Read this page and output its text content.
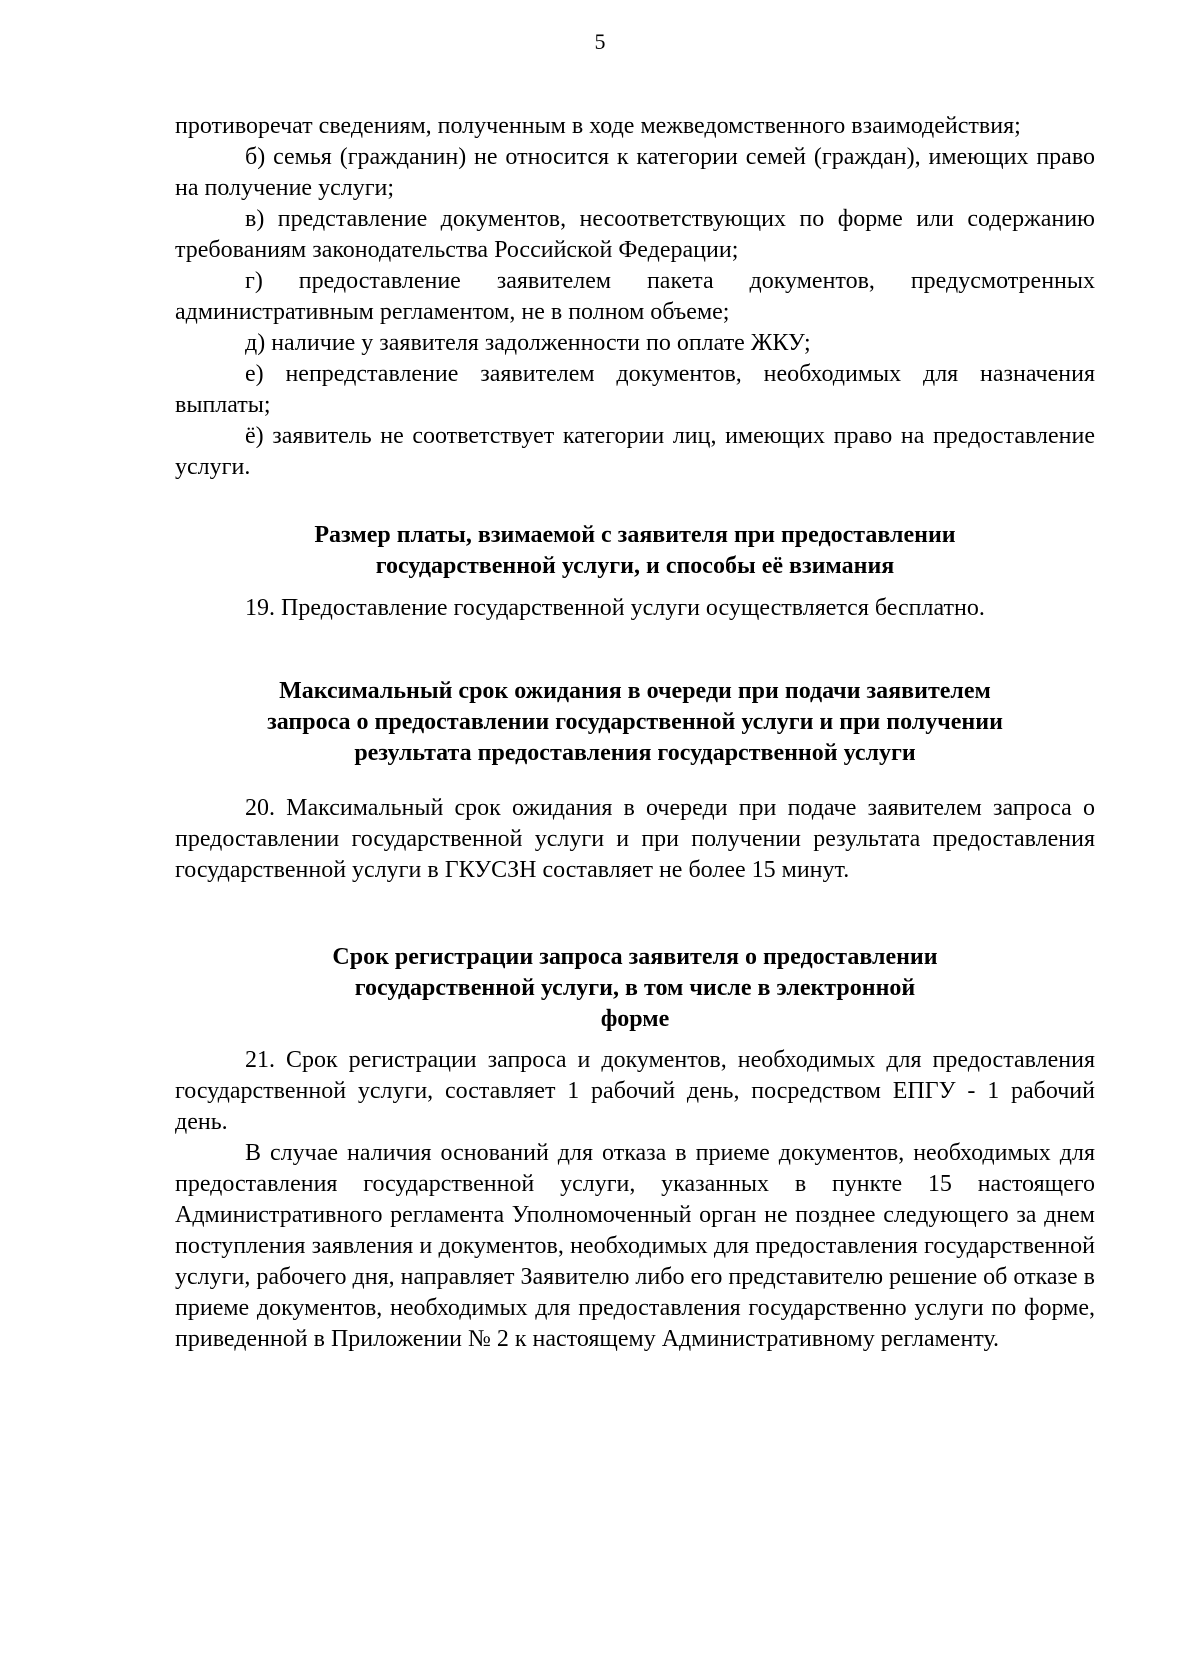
5

противоречат сведениям, полученным в ходе межведомственного взаимодействия;

б) семья (гражданин) не относится к категории семей (граждан), имеющих право на получение услуги;

в) представление документов, несоответствующих по форме или содержанию требованиям законодательства Российской Федерации;

г) предоставление заявителем пакета документов, предусмотренных административным регламентом, не в полном объеме;

д) наличие у заявителя задолженности по оплате ЖКУ;

е) непредставление заявителем документов, необходимых для назначения выплаты;

ё) заявитель не соответствует категории лиц, имеющих право на предоставление услуги.

Размер платы, взимаемой с заявителя при предоставлении
государственной услуги, и способы её взимания

19. Предоставление государственной услуги осуществляется бесплатно.

Максимальный срок ожидания в очереди при подачи заявителем
запроса о предоставлении государственной услуги и при получении
результата предоставления государственной услуги

20. Максимальный срок ожидания в очереди при подаче заявителем запроса о предоставлении государственной услуги и при получении результата предоставления государственной услуги в ГКУСЗН составляет не более 15 минут.

Срок регистрации запроса заявителя о предоставлении
государственной услуги, в том числе в электронной
форме

21. Срок регистрации запроса и документов, необходимых для предоставления государственной услуги, составляет 1 рабочий день, посредством ЕПГУ - 1 рабочий день.

В случае наличия оснований для отказа в приеме документов, необходимых для предоставления государственной услуги, указанных в пункте 15 настоящего Административного регламента Уполномоченный орган не позднее следующего за днем поступления заявления и документов, необходимых для предоставления государственной услуги, рабочего дня, направляет Заявителю либо его представителю решение об отказе в приеме документов, необходимых для предоставления государственно услуги по форме, приведенной в Приложении № 2 к настоящему Административному регламенту.
